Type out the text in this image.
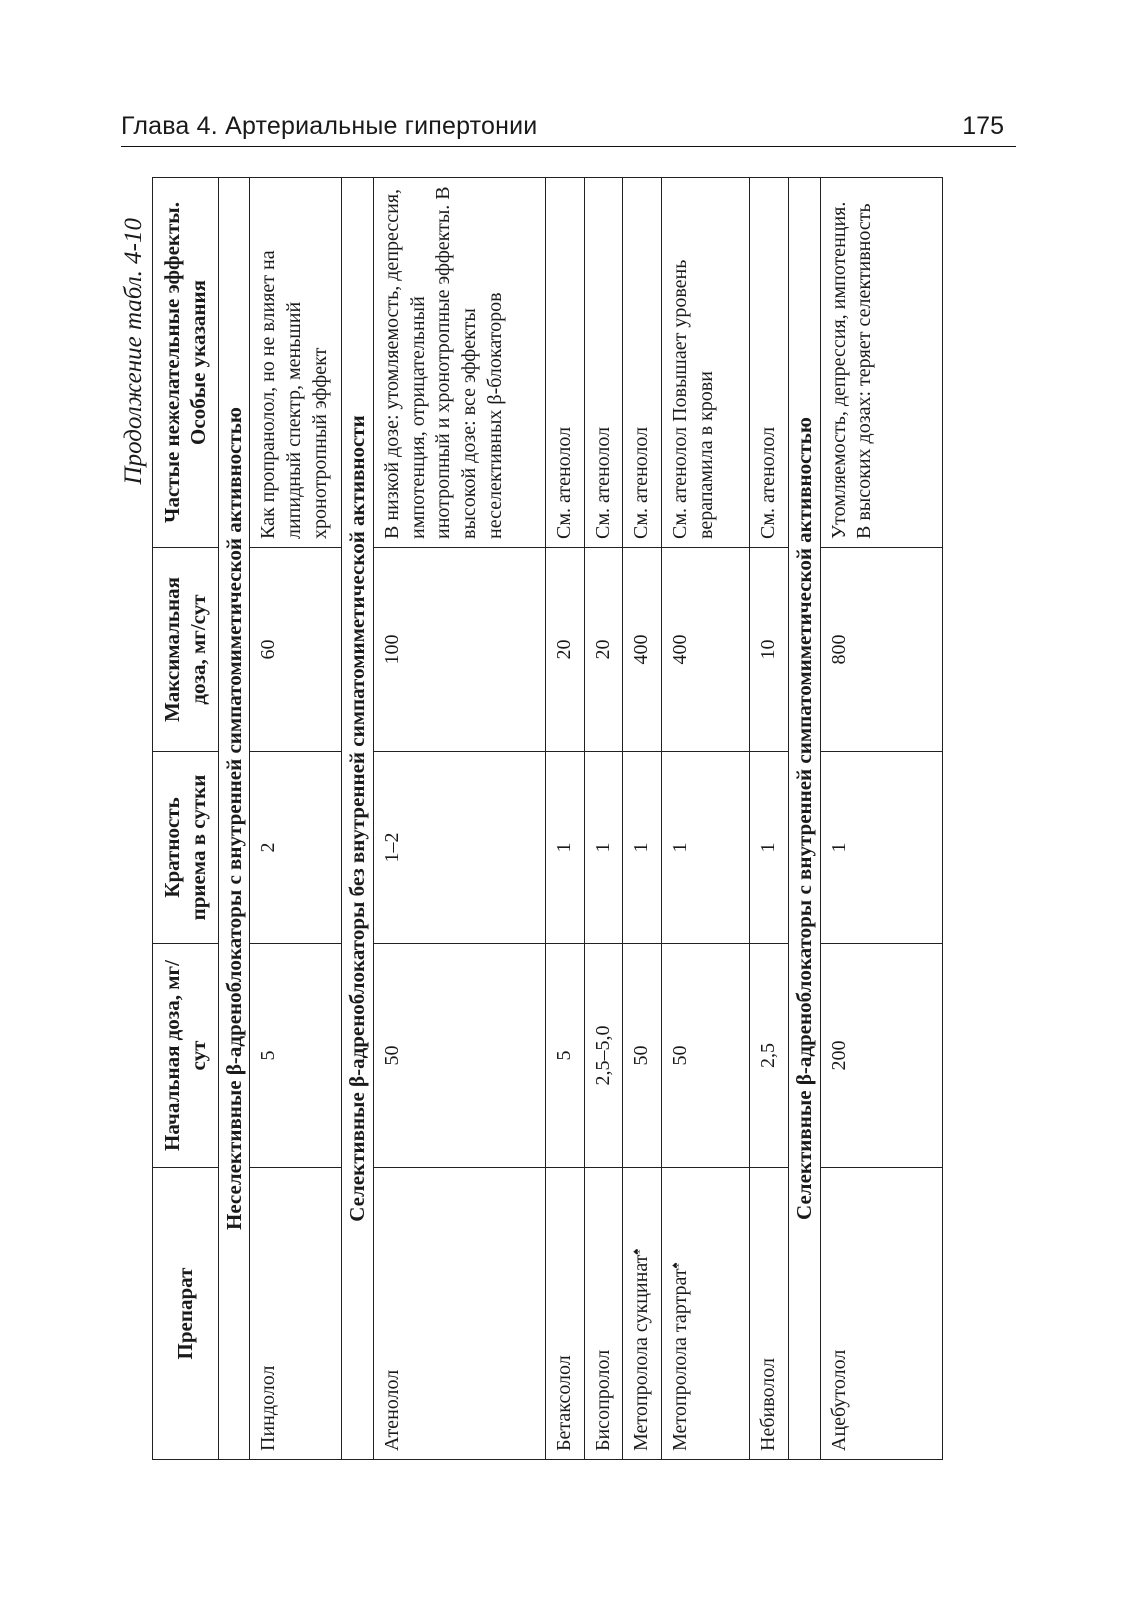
Глава 4. Артериальные гипертонии	175
Продолжение табл. 4-10
Препарат	Начальная доза, мг/сут	Кратность приема в сутки	Максимальная доза, мг/сут	Частые нежелательные эффекты. Особые указания
Неселективные β-адреноблокаторы с внутренней симпатомиметической активностью				
Пиндолол	5	2	60	Как пропранолол, но не влияет на липидный спектр, меньший хронотропный эффект
Селективные β-адреноблокаторы без внутренней симпатомиметической активности				
Атенолол	50	1–2	100	В низкой дозе: утомляемость, депрессия, импотенция, отрицательный инотропный и хронотропные эффекты. В высокой дозе: все эффекты неселективных β-блокаторов
Бетаксолол	5	1	20	См. атенолол
Бисопролол	2,5–5,0	1	20	См. атенолол
Метопролола сукцинат♠	50	1	400	См. атенолол
Метопролола тартрат♠	50	1	400	См. атенолол Повышает уровень верапамила в крови
Небиволол	2,5	1	10	См. атенолол
Селективные β-адреноблокаторы с внутренней симпатомиметической активностью				
Ацебутолол	200	1	800	Утомляемость, депрессия, импотенция. В высоких дозах: теряет селективность
